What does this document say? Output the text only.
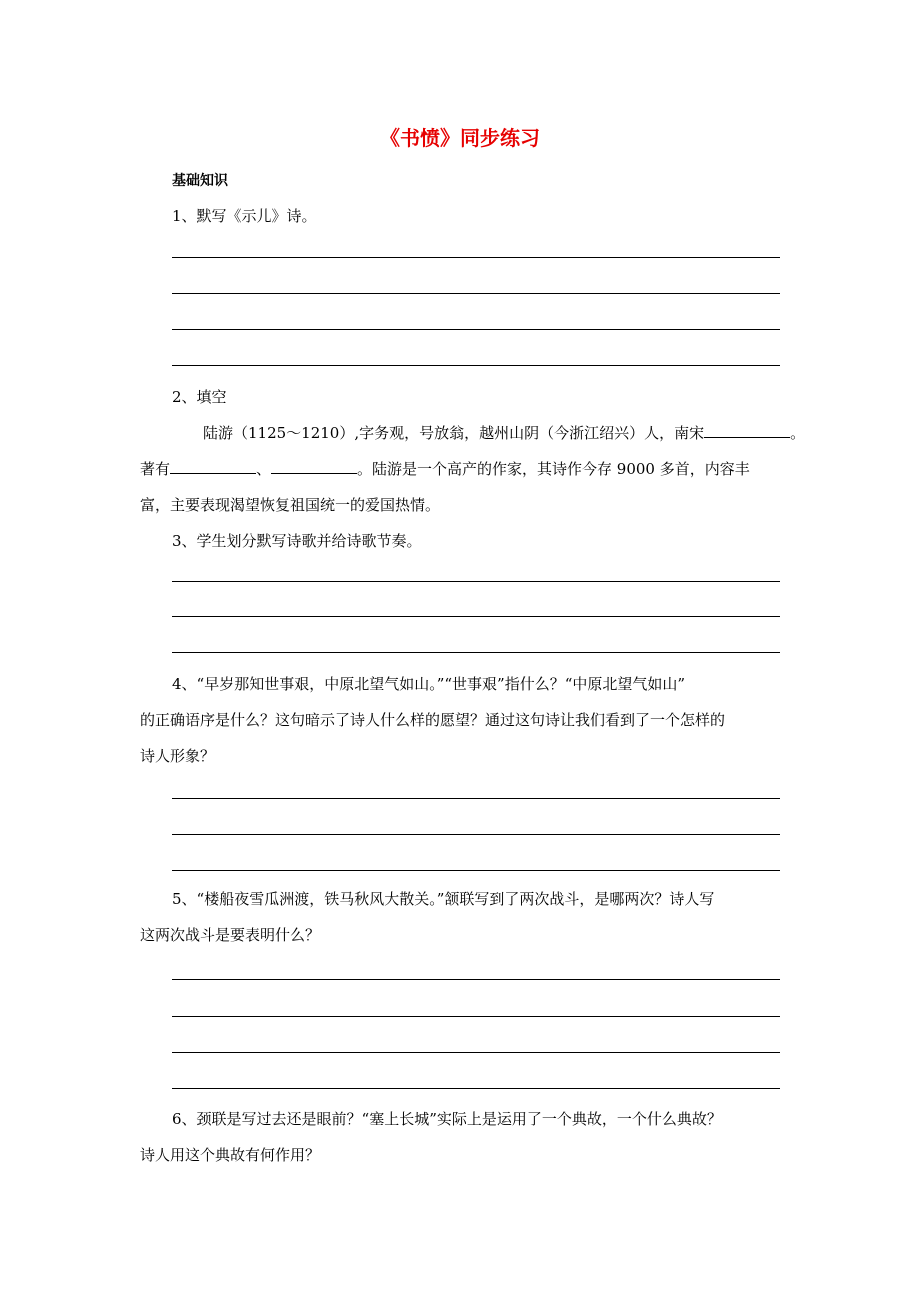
《书愤》同步练习
基础知识
1、默写《示儿》诗。
2、填空
陆游（1125～1210）,字务观，号放翁，越州山阴（今浙江绍兴）人，南宋	。
著有	、	。陆游是一个高产的作家，其诗作今存 9000 多首，内容丰
富，主要表现渴望恢复祖国统一的爱国热情。
3、学生划分默写诗歌并给诗歌节奏。
4、“早岁那知世事艰，中原北望气如山。”“世事艰”指什么？“中原北望气如山”
的正确语序是什么？这句暗示了诗人什么样的愿望？通过这句诗让我们看到了一个怎样的
诗人形象？
5、“楼船夜雪瓜洲渡，铁马秋风大散关。”颔联写到了两次战斗，是哪两次？诗人写
这两次战斗是要表明什么？
6、颈联是写过去还是眼前？“塞上长城”实际上是运用了一个典故，一个什么典故？
诗人用这个典故有何作用？
